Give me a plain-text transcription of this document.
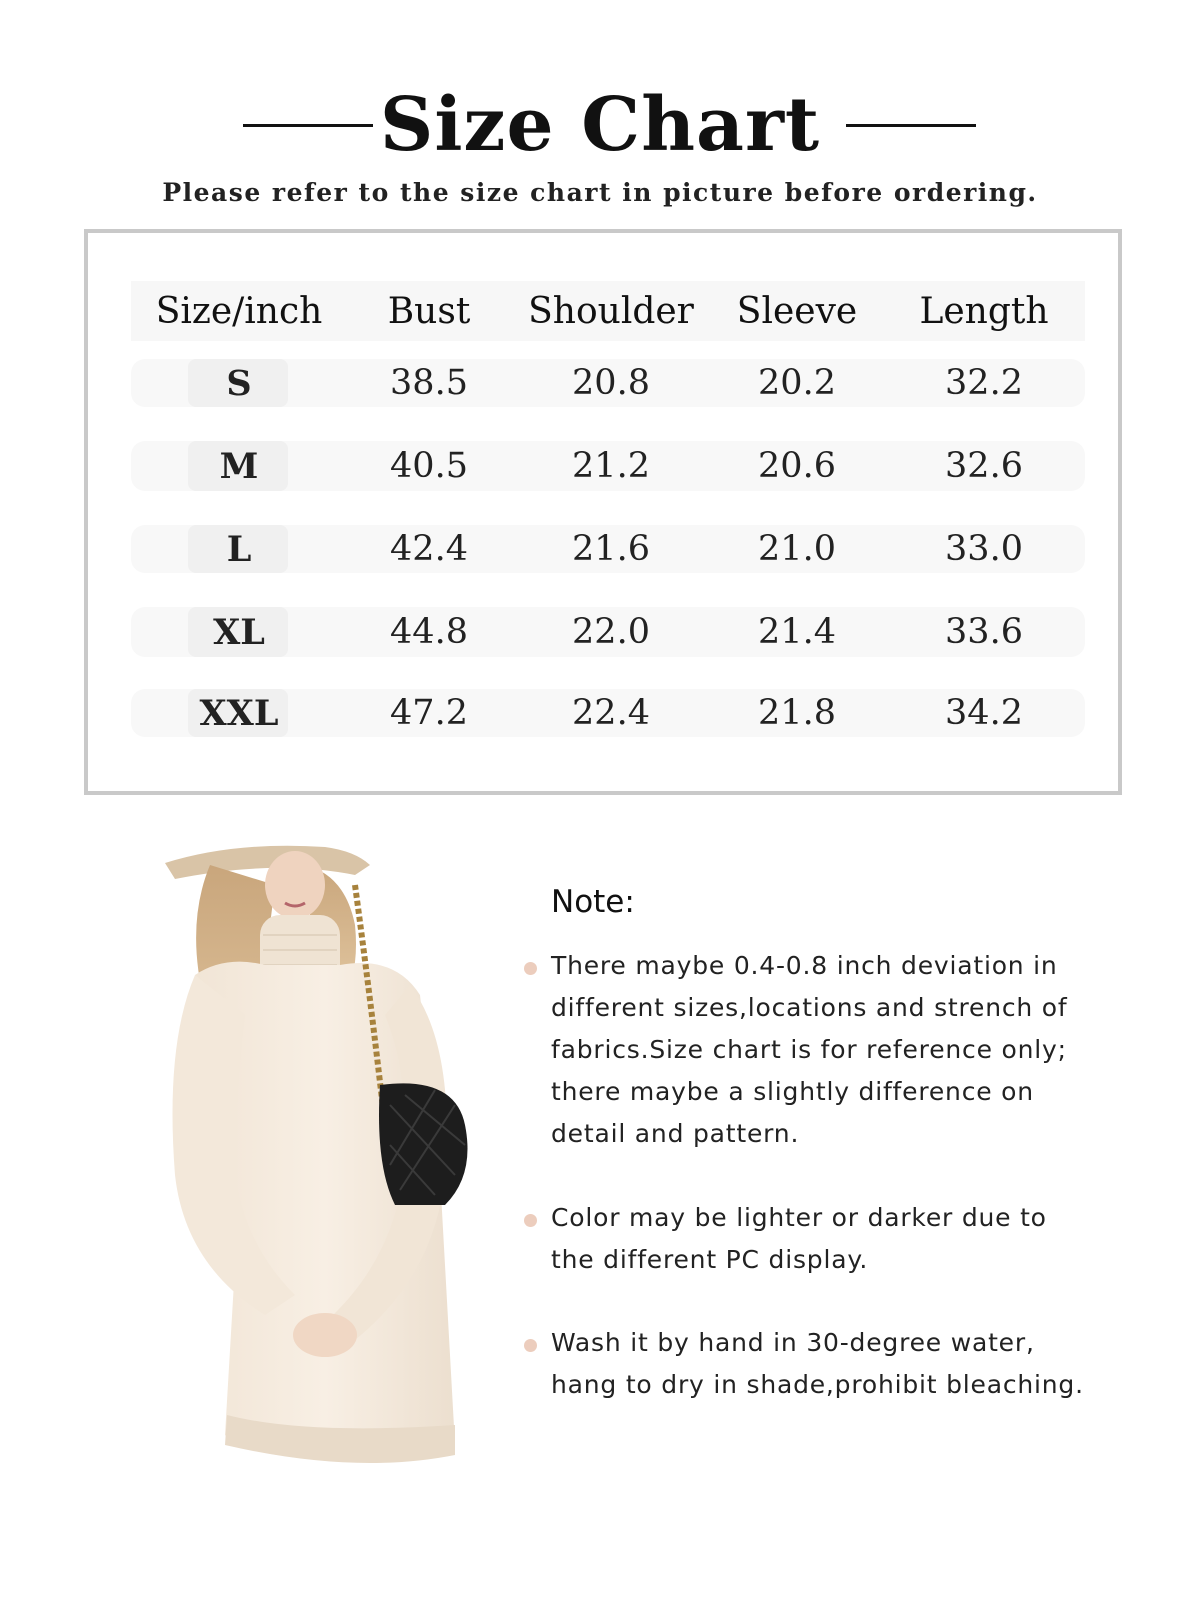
Size Chart
Please refer to the size chart in picture before ordering.
Size/inch	Bust	Shoulder	Sleeve	Length
S	38.5	20.8	20.2	32.2
M	40.5	21.2	20.6	32.6
L	42.4	21.6	21.0	33.0
XL	44.8	22.0	21.4	33.6
XXL	47.2	22.4	21.8	34.2
Note:
There maybe 0.4-0.8 inch deviation in
different sizes,locations and strench of
fabrics.Size chart is for reference only;
there maybe a slightly difference on
detail and pattern.
Color may be lighter or darker due to
the different PC display.
Wash it by hand in 30-degree water,
hang to dry in shade,prohibit bleaching.
